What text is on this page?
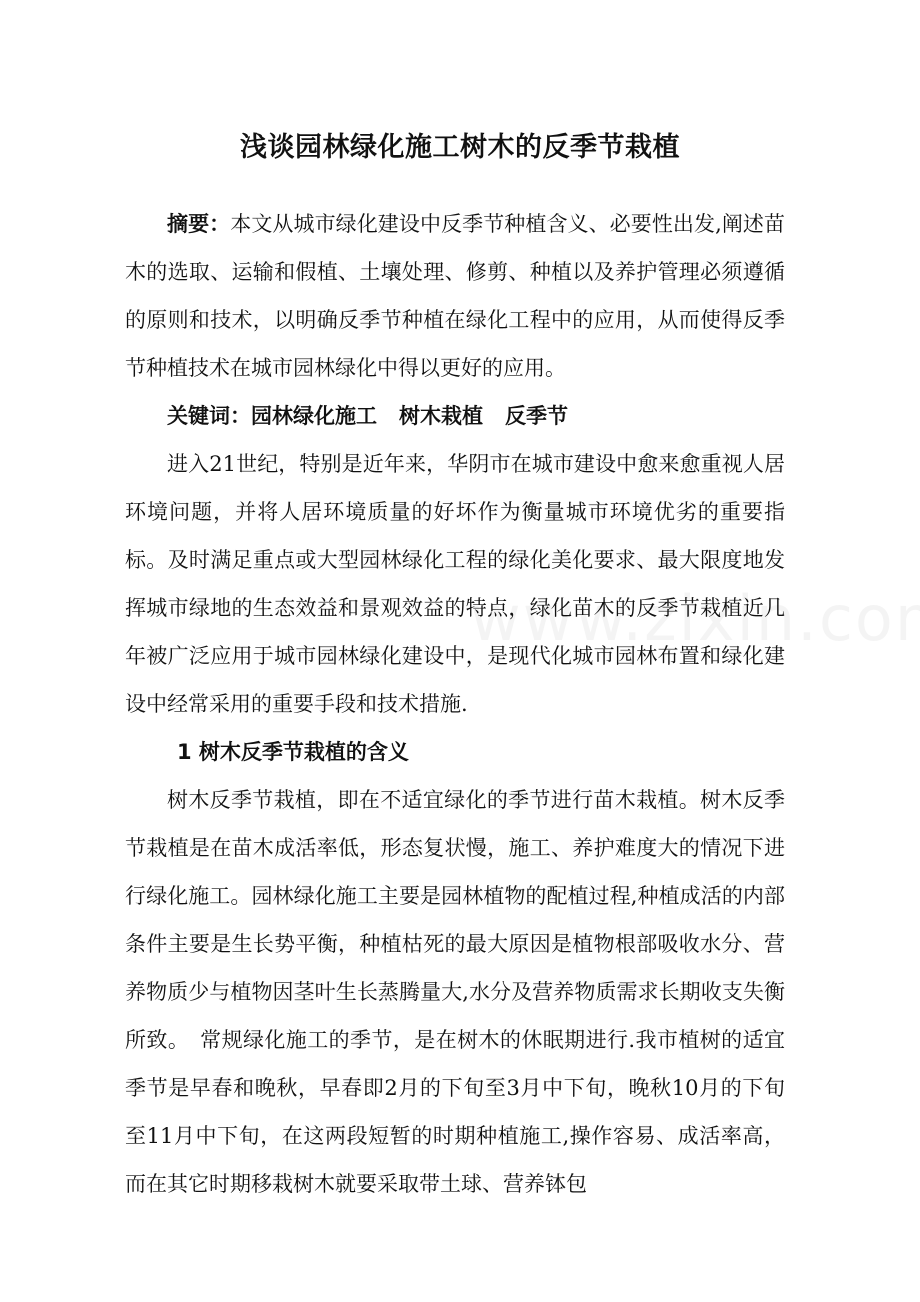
浅谈园林绿化施工树木的反季节栽植

摘要：本文从城市绿化建设中反季节种植含义、必要性出发,阐述苗木的选取、运输和假植、土壤处理、修剪、种植以及养护管理必须遵循的原则和技术，以明确反季节种植在绿化工程中的应用，从而使得反季节种植技术在城市园林绿化中得以更好的应用。

关键词：园林绿化施工 树木栽植 反季节

进入21世纪，特别是近年来，华阴市在城市建设中愈来愈重视人居环境问题，并将人居环境质量的好坏作为衡量城市环境优劣的重要指标。及时满足重点或大型园林绿化工程的绿化美化要求、最大限度地发挥城市绿地的生态效益和景观效益的特点，绿化苗木的反季节栽植近几年被广泛应用于城市园林绿化建设中，是现代化城市园林布置和绿化建设中经常采用的重要手段和技术措施.

1 树木反季节栽植的含义

树木反季节栽植，即在不适宜绿化的季节进行苗木栽植。树木反季节栽植是在苗木成活率低，形态复状慢，施工、养护难度大的情况下进行绿化施工。园林绿化施工主要是园林植物的配植过程,种植成活的内部条件主要是生长势平衡，种植枯死的最大原因是植物根部吸收水分、营养物质少与植物因茎叶生长蒸腾量大,水分及营养物质需求长期收支失衡所致。　常规绿化施工的季节，是在树木的休眠期进行.我市植树的适宜季节是早春和晚秋，早春即2月的下旬至3月中下旬，晚秋10月的下旬至11月中下旬，在这两段短暂的时期种植施工,操作容易、成活率高，而在其它时期移栽树木就要采取带土球、营养钵包
